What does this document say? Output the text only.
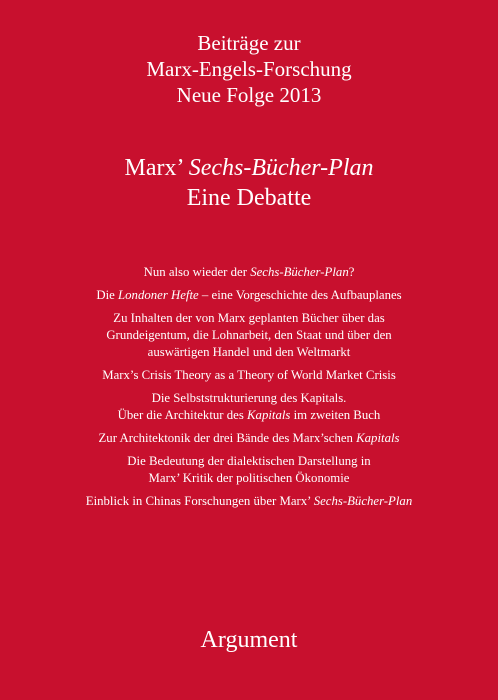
Beiträge zur
Marx-Engels-Forschung
Neue Folge 2013
Marx’ Sechs-Bücher-Plan
Eine Debatte
Nun also wieder der Sechs-Bücher-Plan?
Die Londoner Hefte – eine Vorgeschichte des Aufbauplanes
Zu Inhalten der von Marx geplanten Bücher über das
Grundeigentum, die Lohnarbeit, den Staat und über den
auswärtigen Handel und den Weltmarkt
Marx’s Crisis Theory as a Theory of World Market Crisis
Die Selbststrukturierung des Kapitals.
Über die Architektur des Kapitals im zweiten Buch
Zur Architektonik der drei Bände des Marx’schen Kapitals
Die Bedeutung der dialektischen Darstellung in
Marx’ Kritik der politischen Ökonomie
Einblick in Chinas Forschungen über Marx’ Sechs-Bücher-Plan
Argument
